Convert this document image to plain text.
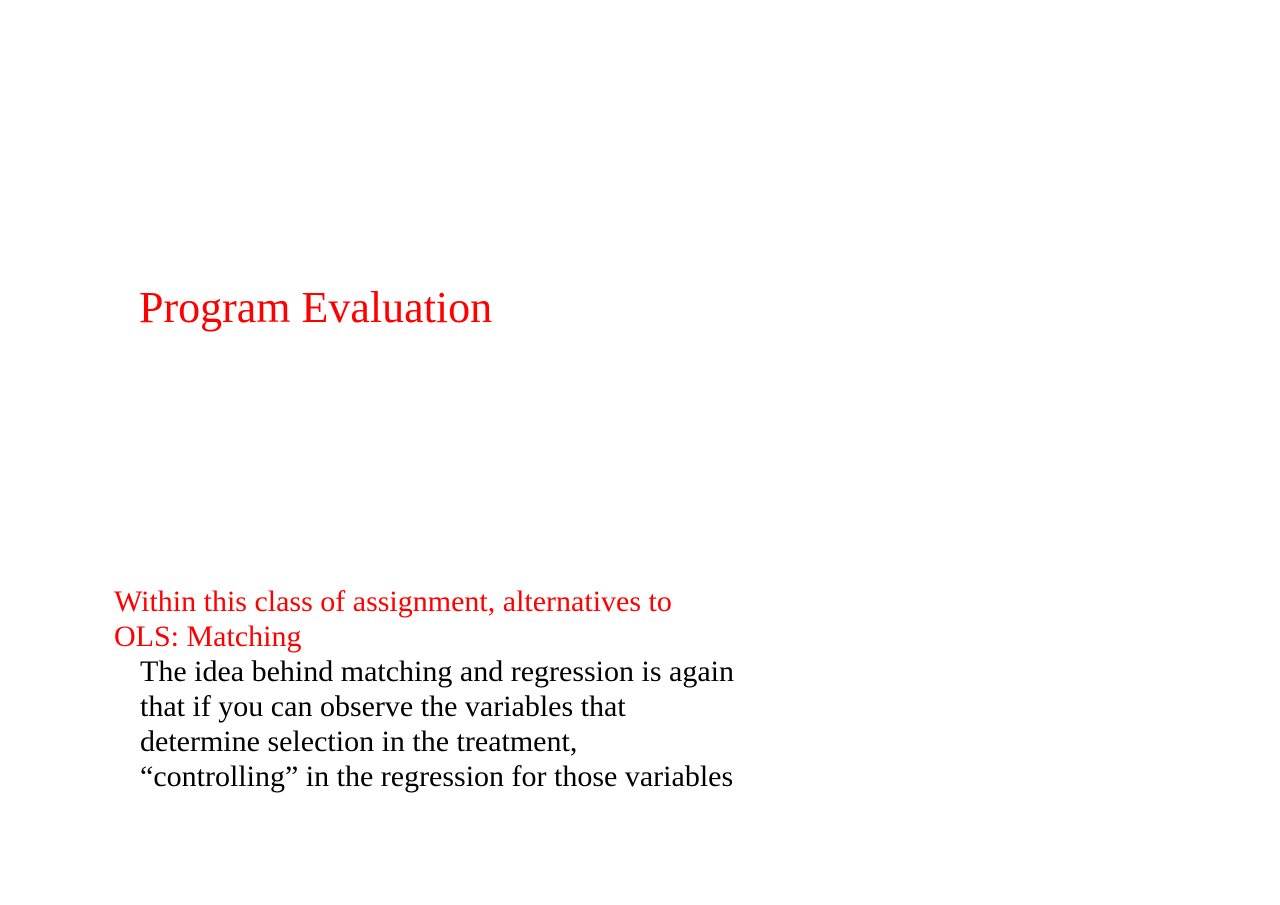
Program Evaluation
Within this class of assignment, alternatives to
OLS: Matching
The idea behind matching and regression is again
that if you can observe the variables that
determine selection in the treatment,
“controlling” in the regression for those variables
